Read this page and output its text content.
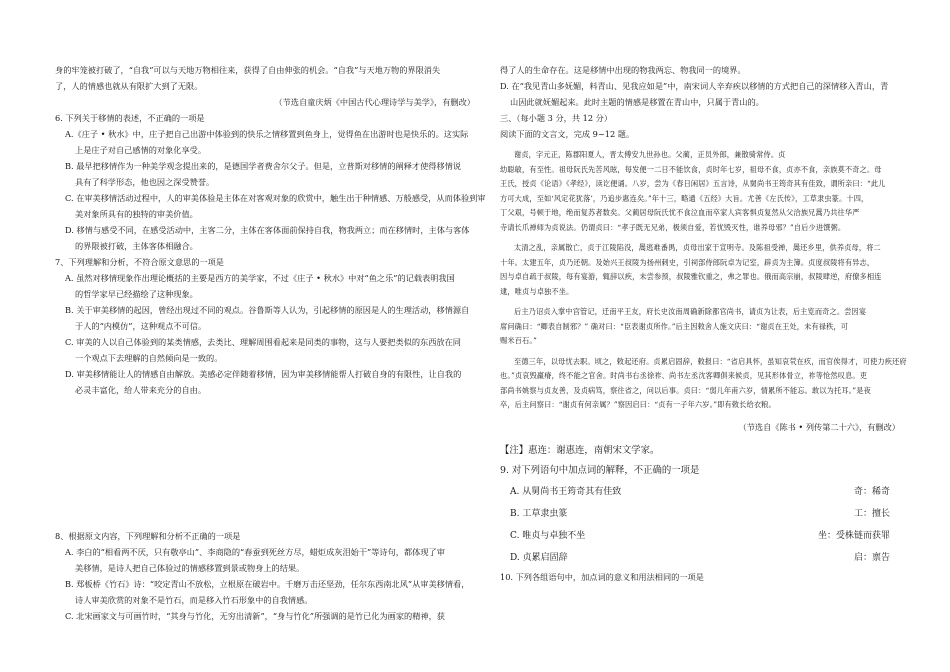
身的牢笼被打破了，“自我”可以与天地万物相往来，获得了自由伸张的机会。“自我”与天地万物的界限消失

了，人的情感也就从有限扩大到了无限。

（节选自童庆炳《中国古代心理诗学与美学》，有删改）

6. 下列关于移情的表述，不正确的一项是

A.《庄子 • 秋水》中，庄子把自己出游中体验到的快乐之情移置到鱼身上，觉得鱼在出游时也是快乐的。这实际

上是庄子对自己感情的对象化享受。

B. 最早把移情作为一种美学观念提出来的，是德国学者费舍尔父子。但是，立普斯对移情的阐释才使得移情说

具有了科学形态，他也因之深受赞誉。

C. 在审美移情活动过程中，人的审美体验是主体在对客观对象的欣赏中，触生出于种情感、万般感受，从而体验到审

美对象所具有的独特的审美价值。

D. 移情与感受不同，在感受活动中，主客二分，主体在客体面前保持自我，物我两立；而在移情时，主体与客体

的界限被打破，主体客体相融合。

7、下列理解和分析，不符合原文意思的一项是

A. 虽然对移情现象作出理论概括的主要是西方的美学家，不过《庄子 • 秋水》中对“鱼之乐”的记载表明我国

的哲学家早已经描绘了这种现象。

B. 关于审美移情的起因，曾经出现过不同的观点。谷鲁斯等人认为，引起移情的原因是人的生理活动，移情源自

于人的“内模仿”，这种观点不可信。

C. 审美的人以自己体验到的某类情感，去类比、理解周围看起来是同类的事物，这与人要把类似的东西放在同

一个观点下去理解的自然倾向是一致的。

D. 审美移情能让人的情感自由解放。美感必定伴随着移情，因为审美移情能帮人打破自身的有限性，让自我的

必灵丰富化，给人带来充分的自由。

8、根据原文内容，下列理解和分析不正确的一项是

A. 李白的“相看两不厌，只有敬亭山”、李商隐的“春蚕到死丝方尽，蜡炬成灰泪始干”等诗句，都体现了审

美移情，是诗人把自己体验过的情感移置到景或物身上的结果。

B. 郑板桥《竹石》诗：“咬定青山不放松，立根原在破岩中。千磨万击还坚劲，任尔东西南北风”从审美移情看，

诗人审美欣赏的对象不是竹石，而是移入竹石形象中的自我情感。

C. 北宋画家文与可画竹时，“其身与竹化，无穷出清新”，“身与竹化”所强调的是竹已化为画家的精神，获

得了人的生命存在。这是移情中出现的物我两忘、物我同一的境界。

D. 在“我见青山多妩媚，料青山、见我应如是”中，南宋词人辛弃疾以移情的方式把自己的深情移入青山，青

山因此就妩媚起来。此时主题的情感是移置在青山中，只属于青山的。

三、（每小题 3 分，共 12 分）

阅读下面的文言文，完成 9~12 题。

谢贞，字元正，陈郡阳夏人，晋太傅安九世孙也。父蔺，正员外郎，兼散骑常侍。贞

幼聪敏，有至性。祖母阮氏先苦风眩，每发便一二日不能饮食，贞时年七岁，祖母不食，贞亦不食，亲族莫不奇之。母

王氏，授贞《论语》《孝经》，读讫便诵。八岁，尝为《春日闲居》五言诗，从舅尚书王筠奇其有佳致，谓所亲曰：“此儿

方可大成，至如‘风定花犹落’，乃追步惠连矣。”年十三，略通《五经》大旨。尤善《左氏传》，工草隶虫篆。十四，

丁父艰，号顿于地，绝而复苏者数矣。父蔺居母阮氏忧不食泣血而卒家人宾客惧贞复然从父洽族兄暠乃共往华严

寺请长爪禅师为贞说法。仍谓贞曰：“孝子既无兄弟，极须自爱，若忧毁灭性，谁养母邪？”自后少进馔粥。

太清之乱，亲属散亡，贞于江陵陷没，暠逃难番禺，贞母出家于宣明寺。及陈祖受禅，暠还乡里，供养贞母，将二

十年。太建五年，贞乃还朝。及始兴王叔陵为扬州刺史，引祠部侍郎阮卓为记室，辟贞为主簿。贞度叔陵将有异志，

因与卓自疏于叔陵，每有宴游，辄辞以疾，未尝参预，叔陵雅钦重之，弗之罪也。俄而高宗崩，叔陵肆逆，府僚多相连

逮，唯贞与卓独不坐。

后主乃诏贞入掌中宫管记，迁南平王友，府长史汝南周确新除都官尚书，请贞为让表，后主览而奇之。尝因宴

席问确曰：“卿表自制邪？” 确对曰：“臣表谢贞所作。”后主因敕舍人施文庆曰：“谢贞在王处，未有禄秩，可

赐米百石。”

至德三年，以母忧去职。顷之，敕起还府。贞累启固辞，敕报曰：“省启具怀，虽知哀茕在疚，而官俟得才，可使力疾还府

也。”贞哀毁羸瘠，终不能之官舍。时尚书右丞徐祚、尚书左丞沈客卿俱来候贞，见其形体骨立，祚等怆然叹息。吏

部尚书姚察与贞友善，及贞病笃，察往省之，问以后事。贞曰：“弱儿年甫六岁，情累所不能忘。敢以为托耳。”是夜

卒，后主问察曰：“谢贞有何亲属？”察因启曰：“贞有一子年六岁。”即有敕长给衣粮。

（节选自《陈书 • 列传第二十六》，有删改）

【注】惠连：谢惠连，南朝宋文学家。

9. 对下列语句中加点词的解释，不正确的一项是

A. 从舅尚书王筠奇其有佳致	奇：稀奇
B. 工草隶虫篆	工：擅长
C. 唯贞与卓独不坐	坐：受株链而获罪
D. 贞累启固辞	启：禀告

10. 下列各组语句中，加点词的意义和用法相同的一项是
